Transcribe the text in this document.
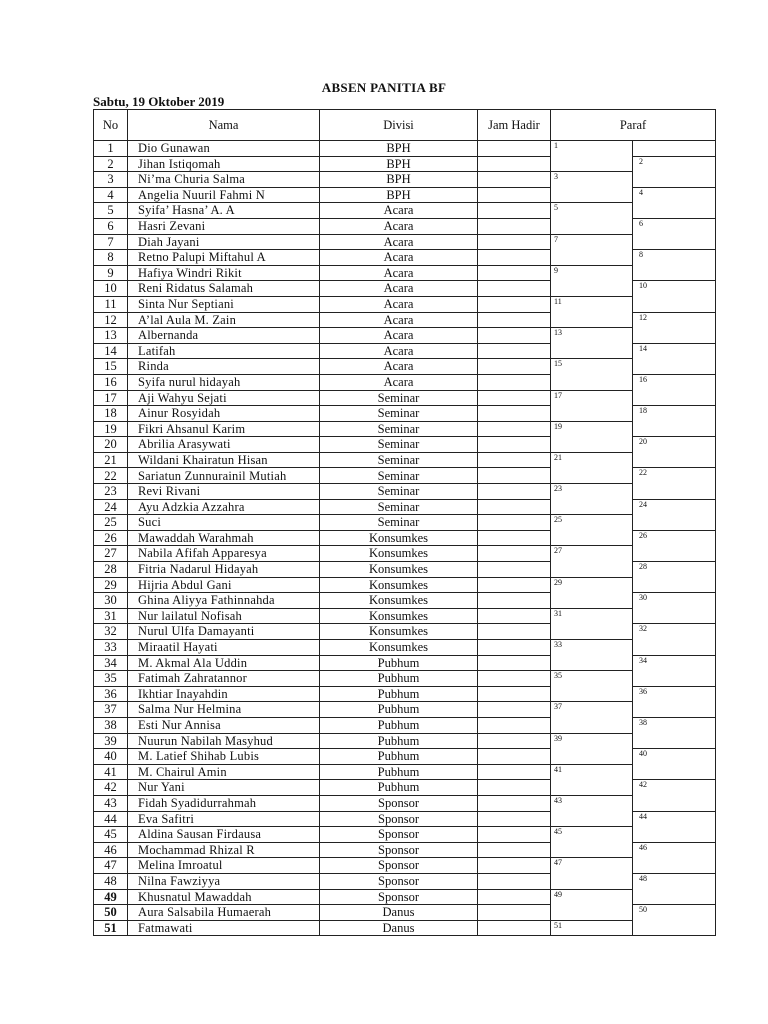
ABSEN PANITIA BF
Sabtu, 19 Oktober 2019
No	Nama	Divisi	Jam Hadir	Paraf	
1	Dio Gunawan	BPH		1	

2	Jihan Istiqomah	BPH			2

3	Ni’ma Churia Salma	BPH		3	

4	Angelia Nuuril Fahmi N	BPH			4

5	Syifa’ Hasna’ A. A	Acara		5	

6	Hasri Zevani	Acara			6

7	Diah Jayani	Acara		7	

8	Retno Palupi Miftahul A	Acara			8

9	Hafiya Windri Rikit	Acara		9	

10	Reni Ridatus Salamah	Acara			10

11	Sinta Nur Septiani	Acara		11	

12	A’lal Aula M. Zain	Acara			12

13	Albernanda	Acara		13	

14	Latifah	Acara			14

15	Rinda	Acara		15	

16	Syifa nurul hidayah	Acara			16

17	Aji Wahyu Sejati	Seminar		17	

18	Ainur Rosyidah	Seminar			18

19	Fikri Ahsanul Karim	Seminar		19	

20	Abrilia Arasywati	Seminar			20

21	Wildani Khairatun Hisan	Seminar		21	

22	Sariatun Zunnurainil Mutiah	Seminar			22

23	Revi Rivani	Seminar		23	

24	Ayu Adzkia Azzahra	Seminar			24

25	Suci	Seminar		25	

26	Mawaddah Warahmah	Konsumkes			26

27	Nabila Afifah Apparesya	Konsumkes		27	

28	Fitria Nadarul Hidayah	Konsumkes			28

29	Hijria Abdul Gani	Konsumkes		29	

30	Ghina Aliyya Fathinnahda	Konsumkes			30

31	Nur lailatul Nofisah	Konsumkes		31	

32	Nurul Ulfa Damayanti	Konsumkes			32

33	Miraatil Hayati	Konsumkes		33	

34	M. Akmal Ala Uddin	Pubhum			34

35	Fatimah Zahratannor	Pubhum		35	

36	Ikhtiar Inayahdin	Pubhum			36

37	Salma Nur Helmina	Pubhum		37	

38	Esti Nur Annisa	Pubhum			38

39	Nuurun Nabilah Masyhud	Pubhum		39	

40	M. Latief Shihab Lubis	Pubhum			40

41	M. Chairul Amin	Pubhum		41	

42	Nur Yani	Pubhum			42

43	Fidah Syadidurrahmah	Sponsor		43	

44	Eva Safitri	Sponsor			44

45	Aldina Sausan Firdausa	Sponsor		45	

46	Mochammad Rhizal R	Sponsor			46

47	Melina Imroatul	Sponsor		47	

48	Nilna Fawziyya	Sponsor			48

49	Khusnatul Mawaddah	Sponsor		49	

50	Aura Salsabila Humaerah	Danus			50

51	Fatmawati	Danus		51	
